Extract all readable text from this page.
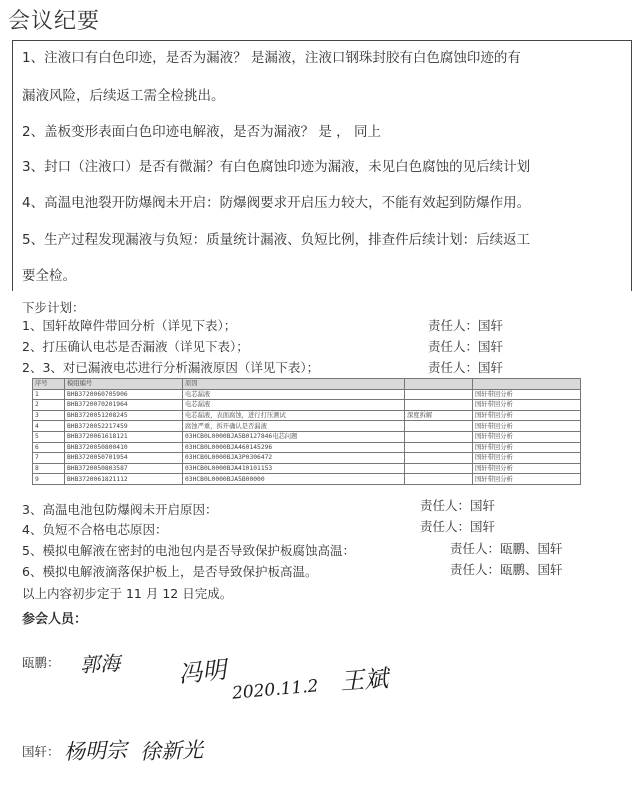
会议纪要
1、注液口有白色印迹，是否为漏液？ 是漏液，注液口钢珠封胶有白色腐蚀印迹的有
漏液风险，后续返工需全检挑出。
2、盖板变形表面白色印迹电解液，是否为漏液？ 是 ， 同上
3、封口（注液口）是否有微漏？有白色腐蚀印迹为漏液，未见白色腐蚀的见后续计划
4、高温电池裂开防爆阀未开启：防爆阀要求开启压力较大，不能有效起到防爆作用。
5、生产过程发现漏液与负短：质量统计漏液、负短比例，排查件后续计划：后续返工
要全检。
下步计划：
1、国轩故障件带回分析（详见下表）；	责任人：国轩
2、打压确认电芯是否漏液（详见下表）；	责任人：国轩
2、3、对已漏液电芯进行分析漏液原因（详见下表）；	责任人：国轩
序号	模组编号	原因		
1	BHB3720060705906	电芯漏液		国轩带回分析
2	BHB3720070201964	电芯漏液		国轩带回分析
3	BHB3720051208245	电芯漏液，表面腐蚀，进行打压测试	深度拆解	国轩带回分析
4	BHB3720052217459	腐蚀严重，拆开确认是否漏液		国轩带回分析
5	BHB3720061618121	03HCB0L0000BJA5B0127846电芯问题		国轩带回分析
6	BHB3720050800410	03HCB0L0000BJA460145296		国轩带回分析
7	BHB3720050701954	03HCB0L0000BJA3P0306472		国轩带回分析
8	BHB3720050803587	03HCB0L0000BJA410101153		国轩带回分析
9	BHB3720061821112	03HCB0L0000BJA5B00000		国轩带回分析
3、高温电池包防爆阀未开启原因：	责任人：国轩
4、负短不合格电芯原因：	责任人：国轩
5、模拟电解液在密封的电池包内是否导致保护板腐蚀高温：	责任人：瓯鹏、国轩
6、模拟电解液滴落保护板上，是否导致保护板高温。	责任人：瓯鹏、国轩
以上内容初步定于 11 月 12 日完成。
参会人员：
瓯鹏：
国轩：
郭海 冯明
2020.11.2 王斌
杨明宗 徐新光
